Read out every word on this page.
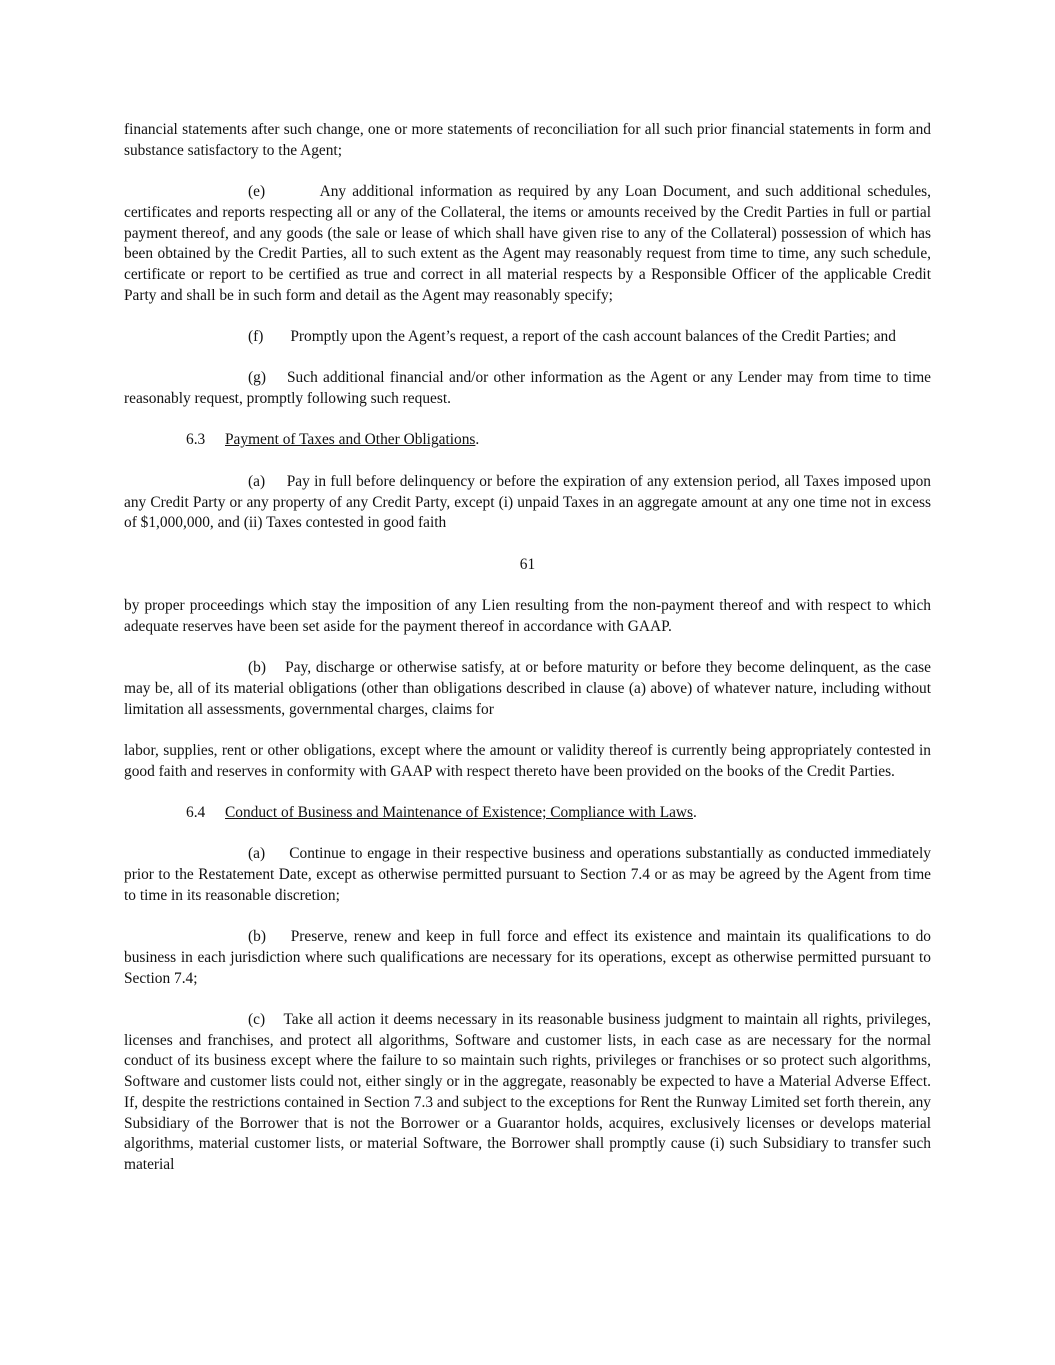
financial statements after such change, one or more statements of reconciliation for all such prior financial statements in form and substance satisfactory to the Agent;

(e)	Any additional information as required by any Loan Document, and such additional schedules, certificates and reports respecting all or any of the Collateral, the items or amounts received by the Credit Parties in full or partial payment thereof, and any goods (the sale or lease of which shall have given rise to any of the Collateral) possession of which has been obtained by the Credit Parties, all to such extent as the Agent may reasonably request from time to time, any such schedule, certificate or report to be certified as true and correct in all material respects by a Responsible Officer of the applicable Credit Party and shall be in such form and detail as the Agent may reasonably specify;

(f) Promptly upon the Agent’s request, a report of the cash account balances of the Credit Parties; and

(g) Such additional financial and/or other information as the Agent or any Lender may from time to time reasonably request, promptly following such request.

6.3 Payment of Taxes and Other Obligations.

(a) Pay in full before delinquency or before the expiration of any extension period, all Taxes imposed upon any Credit Party or any property of any Credit Party, except (i) unpaid Taxes in an aggregate amount at any one time not in excess of $1,000,000, and (ii) Taxes contested in good faith

61

by proper proceedings which stay the imposition of any Lien resulting from the non-payment thereof and with respect to which adequate reserves have been set aside for the payment thereof in accordance with GAAP.

(b) Pay, discharge or otherwise satisfy, at or before maturity or before they become delinquent, as the case may be, all of its material obligations (other than obligations described in clause (a) above) of whatever nature, including without limitation all assessments, governmental charges, claims for

labor, supplies, rent or other obligations, except where the amount or validity thereof is currently being appropriately contested in good faith and reserves in conformity with GAAP with respect thereto have been provided on the books of the Credit Parties.

6.4 Conduct of Business and Maintenance of Existence; Compliance with Laws.

(a) Continue to engage in their respective business and operations substantially as conducted immediately prior to the Restatement Date, except as otherwise permitted pursuant to Section 7.4 or as may be agreed by the Agent from time to time in its reasonable discretion;

(b) Preserve, renew and keep in full force and effect its existence and maintain its qualifications to do business in each jurisdiction where such qualifications are necessary for its operations, except as otherwise permitted pursuant to Section 7.4;

(c) Take all action it deems necessary in its reasonable business judgment to maintain all rights, privileges, licenses and franchises, and protect all algorithms, Software and customer lists, in each case as are necessary for the normal conduct of its business except where the failure to so maintain such rights, privileges or franchises or so protect such algorithms, Software and customer lists could not, either singly or in the aggregate, reasonably be expected to have a Material Adverse Effect. If, despite the restrictions contained in Section 7.3 and subject to the exceptions for Rent the Runway Limited set forth therein, any Subsidiary of the Borrower that is not the Borrower or a Guarantor holds, acquires, exclusively licenses or develops material algorithms, material customer lists, or material Software, the Borrower shall promptly cause (i) such Subsidiary to transfer such material
